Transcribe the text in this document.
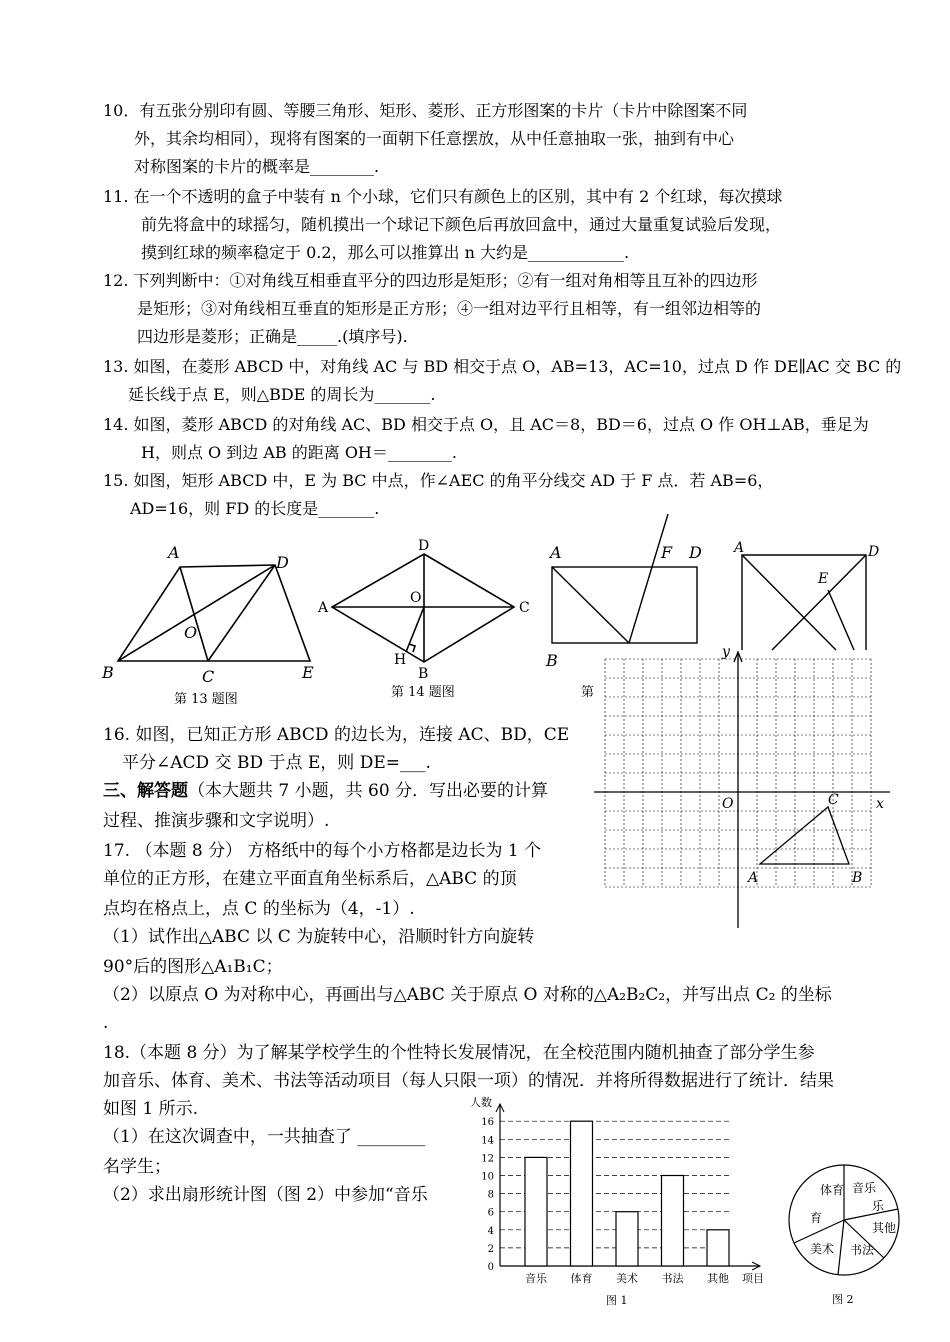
10．有五张分别印有圆、等腰三角形、矩形、菱形、正方形图案的卡片（卡片中除图案不同
外，其余均相同），现将有图案的一面朝下任意摆放，从中任意抽取一张，抽到有中心
对称图案的卡片的概率是________.
11. 在一个不透明的盒子中装有 n 个小球，它们只有颜色上的区别，其中有 2 个红球，每次摸球
前先将盒中的球摇匀，随机摸出一个球记下颜色后再放回盒中，通过大量重复试验后发现，
摸到红球的频率稳定于 0.2，那么可以推算出 n 大约是____________.
12. 下列判断中：①对角线互相垂直平分的四边形是矩形；②有一组对角相等且互补的四边形
是矩形；③对角线相互垂直的矩形是正方形；④一组对边平行且相等，有一组邻边相等的
四边形是菱形；正确是_____.(填序号).
13. 如图，在菱形 ABCD 中，对角线 AC 与 BD 相交于点 O，AB=13，AC=10，过点 D 作 DE∥AC 交 BC 的
延长线于点 E，则△BDE 的周长为_______.
14. 如图，菱形 ABCD 的对角线 AC、BD 相交于点 O，且 AC＝8，BD＝6，过点 O 作 OH⊥AB，垂足为
H，则点 O 到边 AB 的距离 OH＝________.
15. 如图，矩形 ABCD 中，E 为 BC 中点，作∠AEC 的角平分线交 AD 于 F 点．若 AB=6，
AD=16，则 FD 的长度是_______.
A
D
O
B	C	E
第 13 题图
D
A
O
C
H
B
第 14 题图
A	F D
B
第
A	D
E
y
O	x
C
A	B
16. 如图，已知正方形 ABCD 的边长为，连接 AC、BD，CE
平分∠ACD 交 BD 于点 E，则 DE=___.
三、解答题（本大题共 7 小题，共 60 分．写出必要的计算
过程、推演步骤和文字说明）.
17. （本题 8 分） 方格纸中的每个小方格都是边长为 1 个
单位的正方形，在建立平面直角坐标系后，△ABC 的顶
点均在格点上，点 C 的坐标为（4，-1）.
（1）试作出△ABC 以 C 为旋转中心，沿顺时针方向旋转
90°后的图形△A₁B₁C；
（2）以原点 O 为对称中心，再画出与△ABC 关于原点 O 对称的△A₂B₂C₂，并写出点 C₂ 的坐标
.
18.（本题 8 分）为了解某学校学生的个性特长发展情况，在全校范围内随机抽查了部分学生参
加音乐、体育、美术、书法等活动项目（每人只限一项）的情况．并将所得数据进行了统计．结果
如图 1 所示.
（1）在这次调查中，一共抽查了 ________
名学生；
（2）求出扇形统计图（图 2）中参加“音乐
人数
项目
图 1
0
2
4
6
8
10
12
14
16
音乐 体育 美术 书法 其他
体育 音乐
乐
其他
书法
美术
育
图 2
